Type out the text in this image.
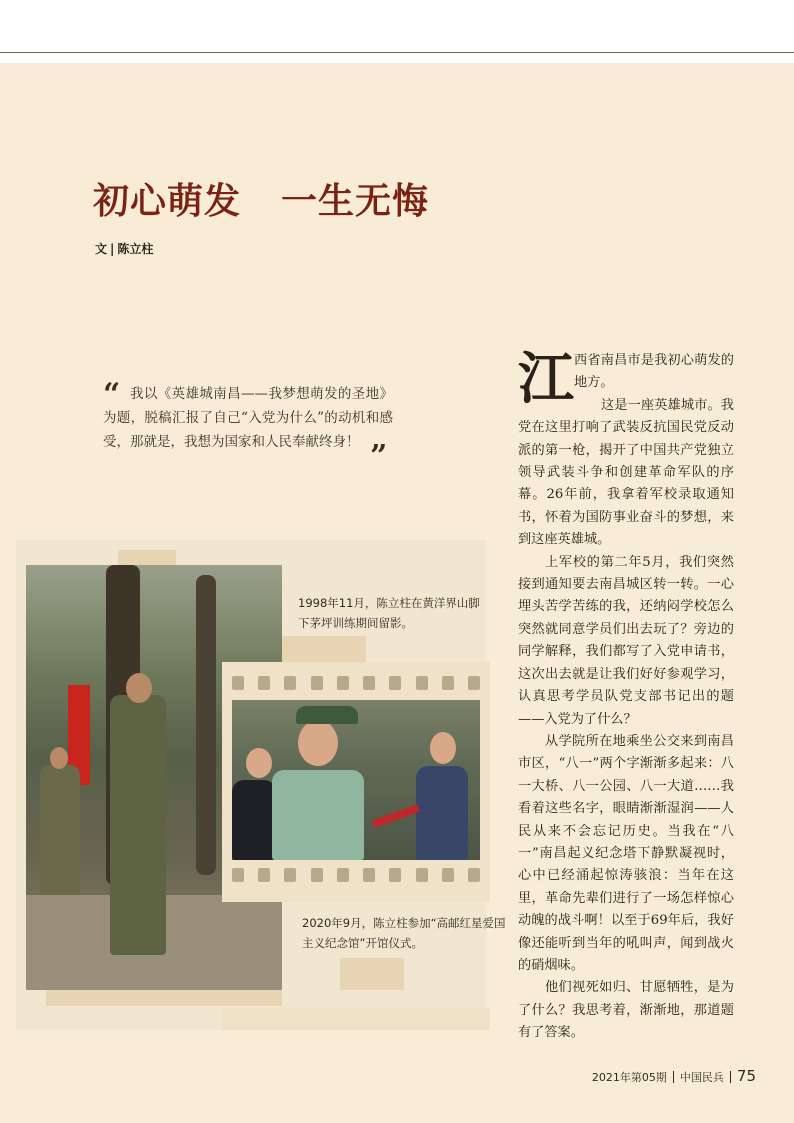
初心萌发 一生无悔
文 | 陈立柱
“ 我以《英雄城南昌——我梦想萌发的圣地》为题，脱稿汇报了自己“入党为什么”的动机和感受，那就是，我想为国家和人民奉献终身！ ”
1998年11月，陈立柱在黄洋界山脚下茅坪训练期间留影。
2020年9月，陈立柱参加“高邮红星爱国主义纪念馆”开馆仪式。
江 西省南昌市是我初心萌发的地方。

这是一座英雄城市。我党在这里打响了武装反抗国民党反动派的第一枪，揭开了中国共产党独立领导武装斗争和创建革命军队的序幕。26年前，我拿着军校录取通知书，怀着为国防事业奋斗的梦想，来到这座英雄城。

上军校的第二年5月，我们突然接到通知要去南昌城区转一转。一心埋头苦学苦练的我，还纳闷学校怎么突然就同意学员们出去玩了？旁边的同学解释，我们都写了入党申请书，这次出去就是让我们好好参观学习，认真思考学员队党支部书记出的题——入党为了什么？

从学院所在地乘坐公交来到南昌市区，“八一”两个字渐渐多起来：八一大桥、八一公园、八一大道……我看着这些名字，眼睛渐渐湿润——人民从来不会忘记历史。当我在“八一”南昌起义纪念塔下静默凝视时，心中已经涌起惊涛骇浪：当年在这里，革命先辈们进行了一场怎样惊心动魄的战斗啊！以至于69年后，我好像还能听到当年的吼叫声，闻到战火的硝烟味。

他们视死如归、甘愿牺牲，是为了什么？我思考着，渐渐地，那道题有了答案。

2021年第05期 中国民兵 75
